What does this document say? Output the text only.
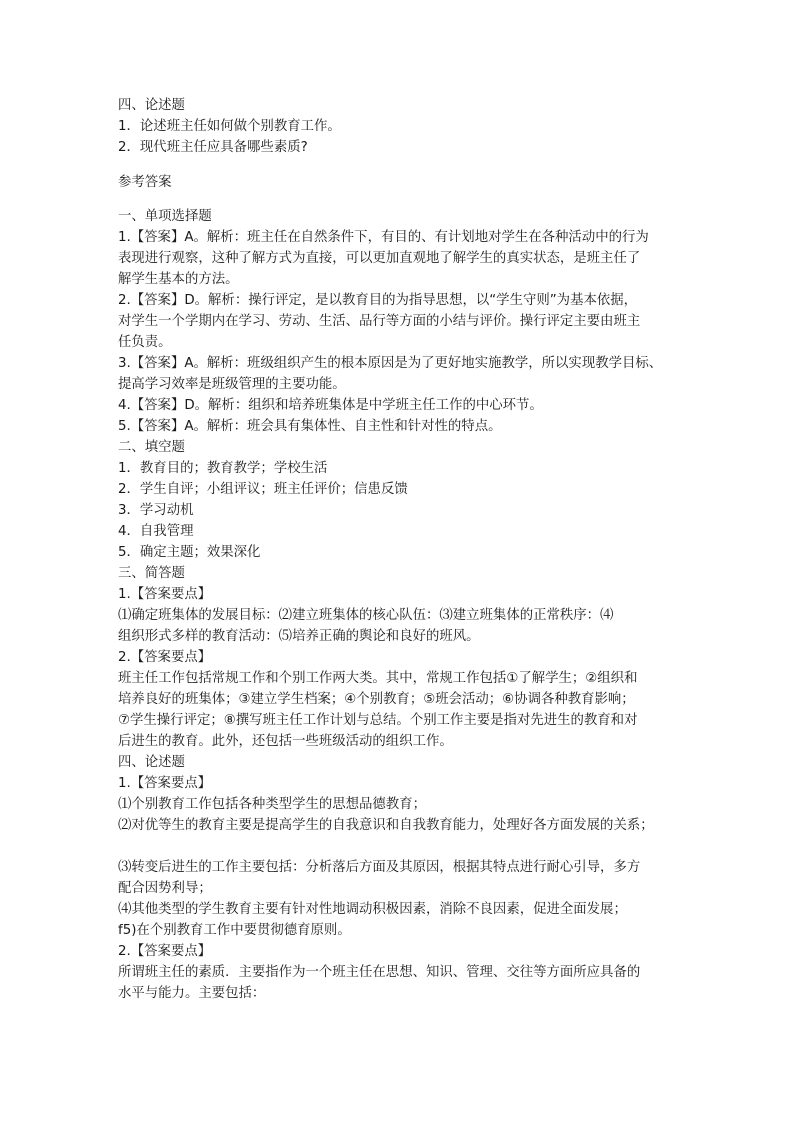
四、论述题
1．论述班主任如何做个别教育工作。
2．现代班主任应具备哪些素质?
参考答案
一、单项选择题
1.【答案】A。解析：班主任在自然条件下，有目的、有计划地对学生在各种活动中的行为
表现进行观察，这种了解方式为直接，可以更加直观地了解学生的真实状态，是班主任了
解学生基本的方法。
2.【答案】D。解析：操行评定，是以教育目的为指导思想，以“学生守则”为基本依据，
对学生一个学期内在学习、劳动、生活、品行等方面的小结与评价。操行评定主要由班主
任负责。
3.【答案】A。解析：班级组织产生的根本原因是为了更好地实施教学，所以实现教学目标、
提高学习效率是班级管理的主要功能。
4.【答案】D。解析：组织和培养班集体是中学班主任工作的中心环节。
5.【答案】A。解析：班会具有集体性、自主性和针对性的特点。
二、填空题
1．教育目的；教育教学；学校生活
2．学生自评；小组评议；班主任评价；信患反馈
3．学习动机
4．自我管理
5．确定主题；效果深化
三、简答题
1.【答案要点】
⑴确定班集体的发展目标：⑵建立班集体的核心队伍：⑶建立班集体的正常秩序：⑷
组织形式多样的教育活动：⑸培养正确的舆论和良好的班风。
2.【答案要点】
班主任工作包括常规工作和个别工作两大类。其中，常规工作包括①了解学生；②组织和
培养良好的班集体；③建立学生档案；④个别教育；⑤班会活动；⑥协调各种教育影响；
⑦学生操行评定；⑧撰写班主任工作计划与总结。个别工作主要是指对先进生的教育和对
后进生的教育。此外，还包括一些班级活动的组织工作。
四、论述题
1.【答案要点】
⑴个别教育工作包括各种类型学生的思想品德教育；
⑵对优等生的教育主要是提高学生的自我意识和自我教育能力，处理好各方面发展的关系；
⑶转变后进生的工作主要包括：分析落后方面及其原因，根据其特点进行耐心引导，多方
配合因势利导；
⑷其他类型的学生教育主要有针对性地调动积极因素，消除不良因素，促进全面发展；
f5)在个别教育工作中要贯彻德育原则。
2.【答案要点】
所谓班主任的素质．主要指作为一个班主任在思想、知识、管理、交往等方面所应具备的
水平与能力。主要包括：
